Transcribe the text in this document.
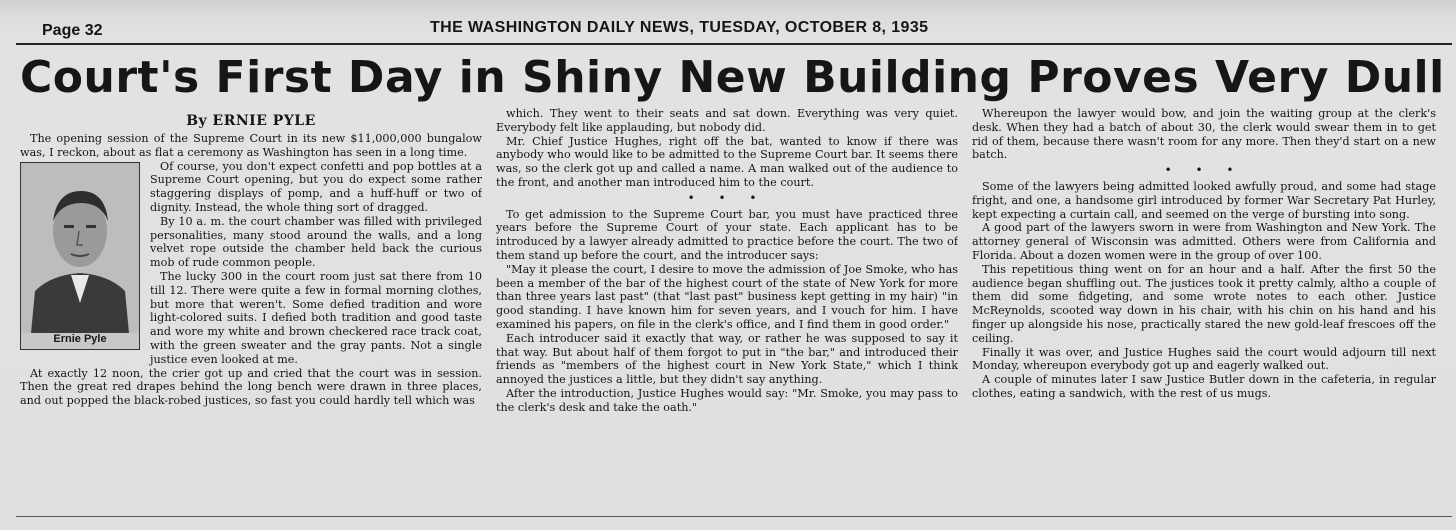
Page 32	THE WASHINGTON DAILY NEWS, TUESDAY, OCTOBER 8, 1935
Court's First Day in Shiny New Building Proves Very Dull
By ERNIE PYLE

The opening session of the Supreme Court in its new $11,000,000 bungalow was, I reckon, about as flat a ceremony as Washington has seen in a long time.

Ernie Pyle

Of course, you don't expect confetti and pop bottles at a Supreme Court opening, but you do expect some rather staggering displays of pomp, and a huff-huff or two of dignity. Instead, the whole thing sort of dragged.

By 10 a. m. the court chamber was filled with privileged personalities, many stood around the walls, and a long velvet rope outside the chamber held back the curious mob of rude common people.

The lucky 300 in the court room just sat there from 10 till 12. There were quite a few in formal morning clothes, but more that weren't. Some defied tradition and wore light-colored suits. I defied both tradition and good taste and wore my white and brown checkered race track coat, with the green sweater and the gray pants. Not a single justice even looked at me.

At exactly 12 noon, the crier got up and cried that the court was in session. Then the great red drapes behind the long bench were drawn in three places, and out popped the black-robed justices, so fast you could hardly tell which was

which. They went to their seats and sat down. Everything was very quiet. Everybody felt like applauding, but nobody did.

Mr. Chief Justice Hughes, right off the bat, wanted to know if there was anybody who would like to be admitted to the Supreme Court bar. It seems there was, so the clerk got up and called a name. A man walked out of the audience to the front, and another man introduced him to the court.

• • •

To get admission to the Supreme Court bar, you must have practiced three years before the Supreme Court of your state. Each applicant has to be introduced by a lawyer already admitted to practice before the court. The two of them stand up before the court, and the introducer says:

"May it please the court, I desire to move the admission of Joe Smoke, who has been a member of the bar of the highest court of the state of New York for more than three years last past" (that "last past" business kept getting in my hair) "in good standing. I have known him for seven years, and I vouch for him. I have examined his papers, on file in the clerk's office, and I find them in good order."

Each introducer said it exactly that way, or rather he was supposed to say it that way. But about half of them forgot to put in "the bar," and introduced their friends as "members of the highest court in New York State," which I think annoyed the justices a little, but they didn't say anything.

After the introduction, Justice Hughes would say: "Mr. Smoke, you may pass to the clerk's desk and take the oath."

Whereupon the lawyer would bow, and join the waiting group at the clerk's desk. When they had a batch of about 30, the clerk would swear them in to get rid of them, because there wasn't room for any more. Then they'd start on a new batch.

• • •

Some of the lawyers being admitted looked awfully proud, and some had stage fright, and one, a handsome girl introduced by former War Secretary Pat Hurley, kept expecting a curtain call, and seemed on the verge of bursting into song.

A good part of the lawyers sworn in were from Washington and New York. The attorney general of Wisconsin was admitted. Others were from California and Florida. About a dozen women were in the group of over 100.

This repetitious thing went on for an hour and a half. After the first 50 the audience began shuffling out. The justices took it pretty calmly, altho a couple of them did some fidgeting, and some wrote notes to each other. Justice McReynolds, scooted way down in his chair, with his chin on his hand and his finger up alongside his nose, practically stared the new gold-leaf frescoes off the ceiling.

Finally it was over, and Justice Hughes said the court would adjourn till next Monday, whereupon everybody got up and eagerly walked out.

A couple of minutes later I saw Justice Butler down in the cafeteria, in regular clothes, eating a sandwich, with the rest of us mugs.
